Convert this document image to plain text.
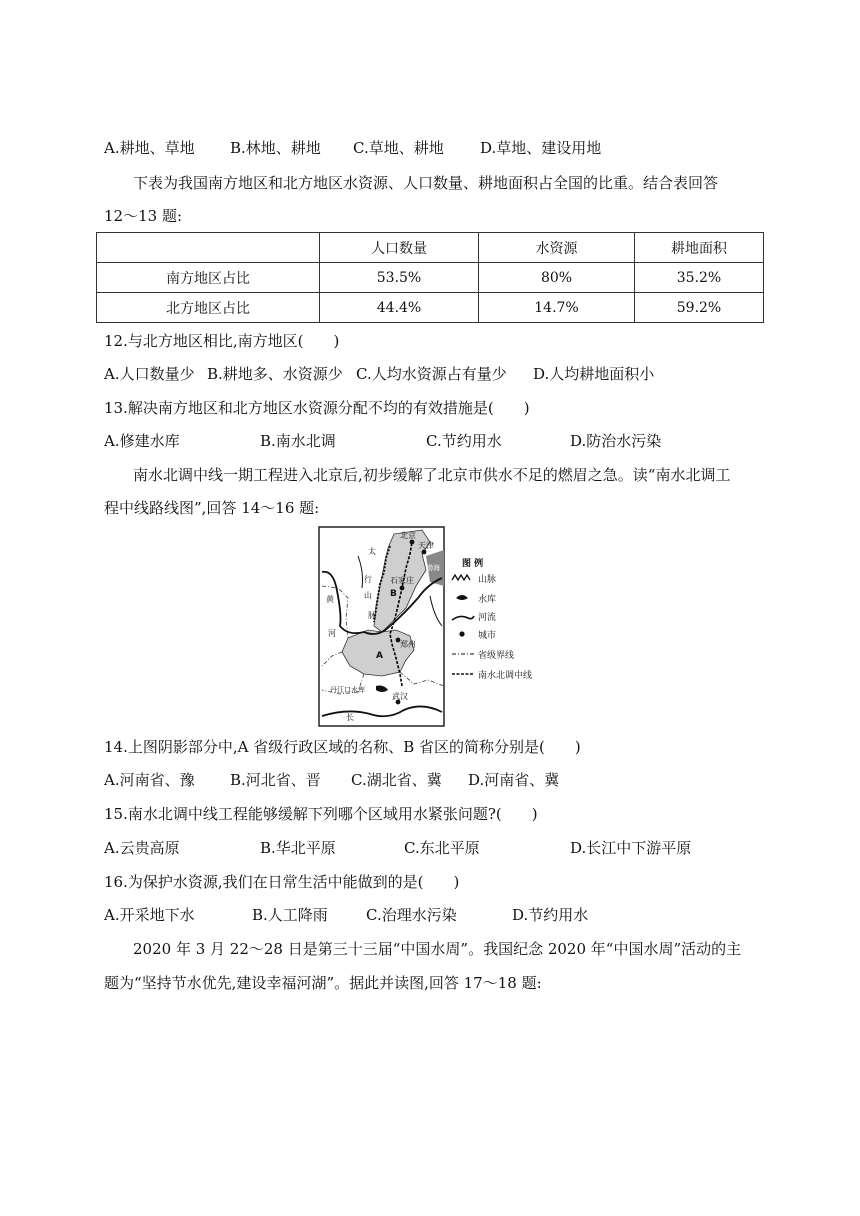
A.耕地、草地 B.林地、耕地 C.草地、耕地 D.草地、建设用地
下表为我国南方地区和北方地区水资源、人口数量、耕地面积占全国的比重。结合表回答
12～13 题:
	人口数量	水资源	耕地面积
南方地区占比	53.5%	80%	35.2%
北方地区占比	44.4%	14.7%	59.2%
12.与北方地区相比,南方地区(　　)
A.人口数量少 B.耕地多、水资源少 C.人均水资源占有量少 D.人均耕地面积小
13.解决南方地区和北方地区水资源分配不均的有效措施是(　　)
A.修建水库	B.南水北调	C.节约用水	D.防治水污染
南水北调中线一期工程进入北京后,初步缓解了北京市供水不足的燃眉之急。读“南水北调工
程中线路线图”,回答 14～16 题:
北京
天津
渤海
石家庄
郑州
武汉
丹江口水库
太
行
山
脉
黄
河
长
B
A
图 例
山脉
水库
河流
城市
省级界线
南水北调中线
14.上图阴影部分中,A 省级行政区域的名称、B 省区的简称分别是(　　)
A.河南省、豫 B.河北省、晋 C.湖北省、冀 D.河南省、冀
15.南水北调中线工程能够缓解下列哪个区域用水紧张问题?(　　)
A.云贵高原	B.华北平原	C.东北平原	D.长江中下游平原
16.为保护水资源,我们在日常生活中能做到的是(　　)
A.开采地下水	B.人工降雨	C.治理水污染	D.节约用水
2020 年 3 月 22～28 日是第三十三届“中国水周”。我国纪念 2020 年“中国水周”活动的主
题为“坚持节水优先,建设幸福河湖”。据此并读图,回答 17～18 题:
